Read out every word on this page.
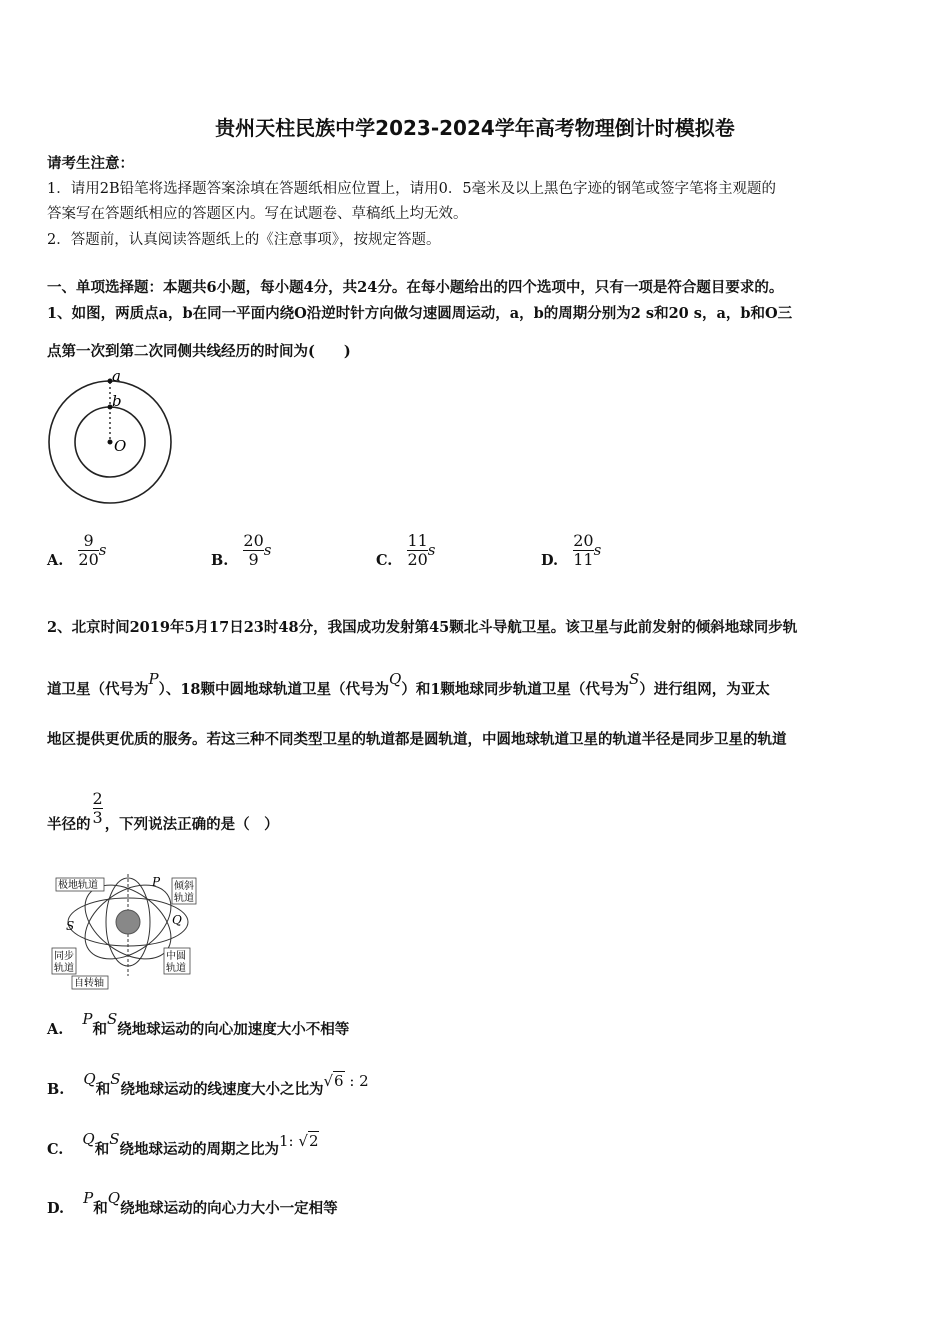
贵州天柱民族中学2023-2024学年高考物理倒计时模拟卷
请考生注意：
1．请用2B铅笔将选择题答案涂填在答题纸相应位置上，请用0．5毫米及以上黑色字迹的钢笔或签字笔将主观题的
答案写在答题纸相应的答题区内。写在试题卷、草稿纸上均无效。
2．答题前，认真阅读答题纸上的《注意事项》，按规定答题。
一、单项选择题：本题共6小题，每小题4分，共24分。在每小题给出的四个选项中，只有一项是符合题目要求的。
1、如图，两质点a，b在同一平面内绕O沿逆时针方向做匀速圆周运动，a，b的周期分别为2 s和20 s，a，b和O三
点第一次到第二次同侧共线经历的时间为(　　)
a
b
O
A. $\frac{9}{20}$ s
B. $\frac{20}{9}$ s
C. $\frac{11}{20}$ s
D. $\frac{20}{11}$ s
2、北京时间2019年5月17日23时48分，我国成功发射第45颗北斗导航卫星。该卫星与此前发射的倾斜地球同步轨
道卫星（代号为P）、18颗中圆地球轨道卫星（代号为Q）和1颗地球同步轨道卫星（代号为S）进行组网，为亚太
地区提供更优质的服务。若这三种不同类型卫星的轨道都是圆轨道，中圆地球轨道卫星的轨道半径是同步卫星的轨道
半径的 $\frac{2}{3}$ ，下列说法正确的是（　）
极地轨道	P 倾斜
轨道
S	Q
同步
轨道
中圆
轨道
自转轴
A. P和S绕地球运动的向心加速度大小不相等
B. Q和S绕地球运动的线速度大小之比为√6 : 2
C. Q和S绕地球运动的周期之比为1: √2
D. P和Q绕地球运动的向心力大小一定相等
